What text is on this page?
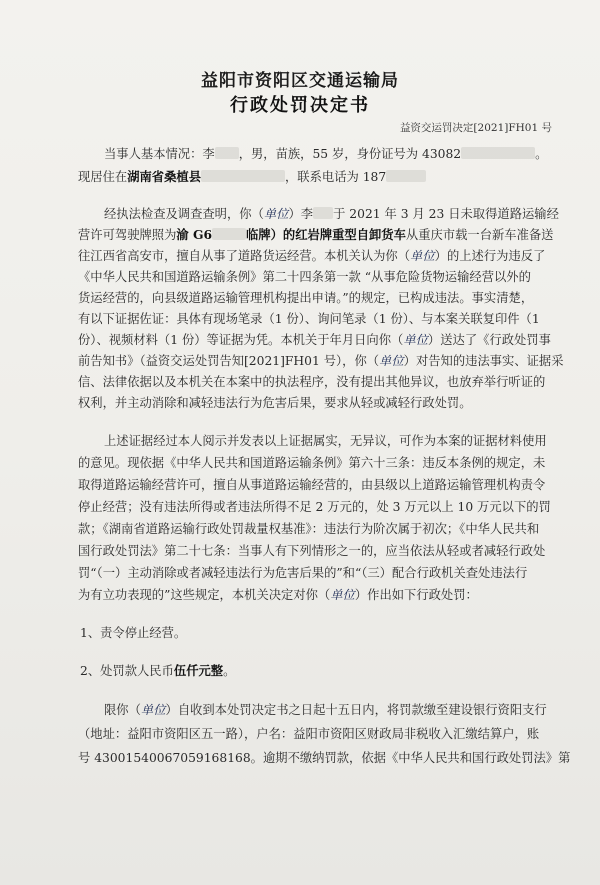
益阳市资阳区交通运输局
行政处罚决定书
益资交运罚决定[2021]FH01 号
当事人基本情况：李 ，男，苗族，55 岁，身份证号为 43082	。
现居住在湖南省桑植县	，联系电话为 187
经执法检查及调查查明，你（单位）李 于 2021 年 3 月 23 日未取得道路运输经
营许可驾驶牌照为渝 G6	临牌）的红岩牌重型自卸货车从重庆市载一台新车准备送
往江西省高安市，擅自从事了道路货运经营。本机关认为你（单位）的上述行为违反了
《中华人民共和国道路运输条例》第二十四条第一款 “从事危险货物运输经营以外的
货运经营的，向县级道路运输管理机构提出申请。”的规定，已构成违法。事实清楚，
有以下证据佐证：具体有现场笔录（1 份）、询问笔录（1 份）、与本案关联复印件（1
份）、视频材料（1 份）等证据为凭。本机关于年月日向你（单位）送达了《行政处罚事
前告知书》（益资交运处罚告知[2021]FH01 号），你（单位）对告知的违法事实、证据采
信、法律依据以及本机关在本案中的执法程序，没有提出其他异议，也放弃举行听证的
权利，并主动消除和减轻违法行为危害后果，要求从轻或减轻行政处罚。
上述证据经过本人阅示并发表以上证据属实，无异议，可作为本案的证据材料使用
的意见。现依据《中华人民共和国道路运输条例》第六十三条：违反本条例的规定，未
取得道路运输经营许可，擅自从事道路运输经营的，由县级以上道路运输管理机构责令
停止经营；没有违法所得或者违法所得不足 2 万元的，处 3 万元以上 10 万元以下的罚
款；《湖南省道路运输行政处罚裁量权基准》：违法行为阶次属于初次；《中华人民共和
国行政处罚法》第二十七条：当事人有下列情形之一的，应当依法从轻或者减轻行政处
罚“（一）主动消除或者减轻违法行为危害后果的”和“（三）配合行政机关查处违法行
为有立功表现的”这些规定，本机关决定对你（单位）作出如下行政处罚：
1、责令停止经营。
2、处罚款人民币伍仟元整。
限你（单位）自收到本处罚决定书之日起十五日内，将罚款缴至建设银行资阳支行
（地址：益阳市资阳区五一路），户名：益阳市资阳区财政局非税收入汇缴结算户，账
号 43001540067059168168。逾期不缴纳罚款，依据《中华人民共和国行政处罚法》第
